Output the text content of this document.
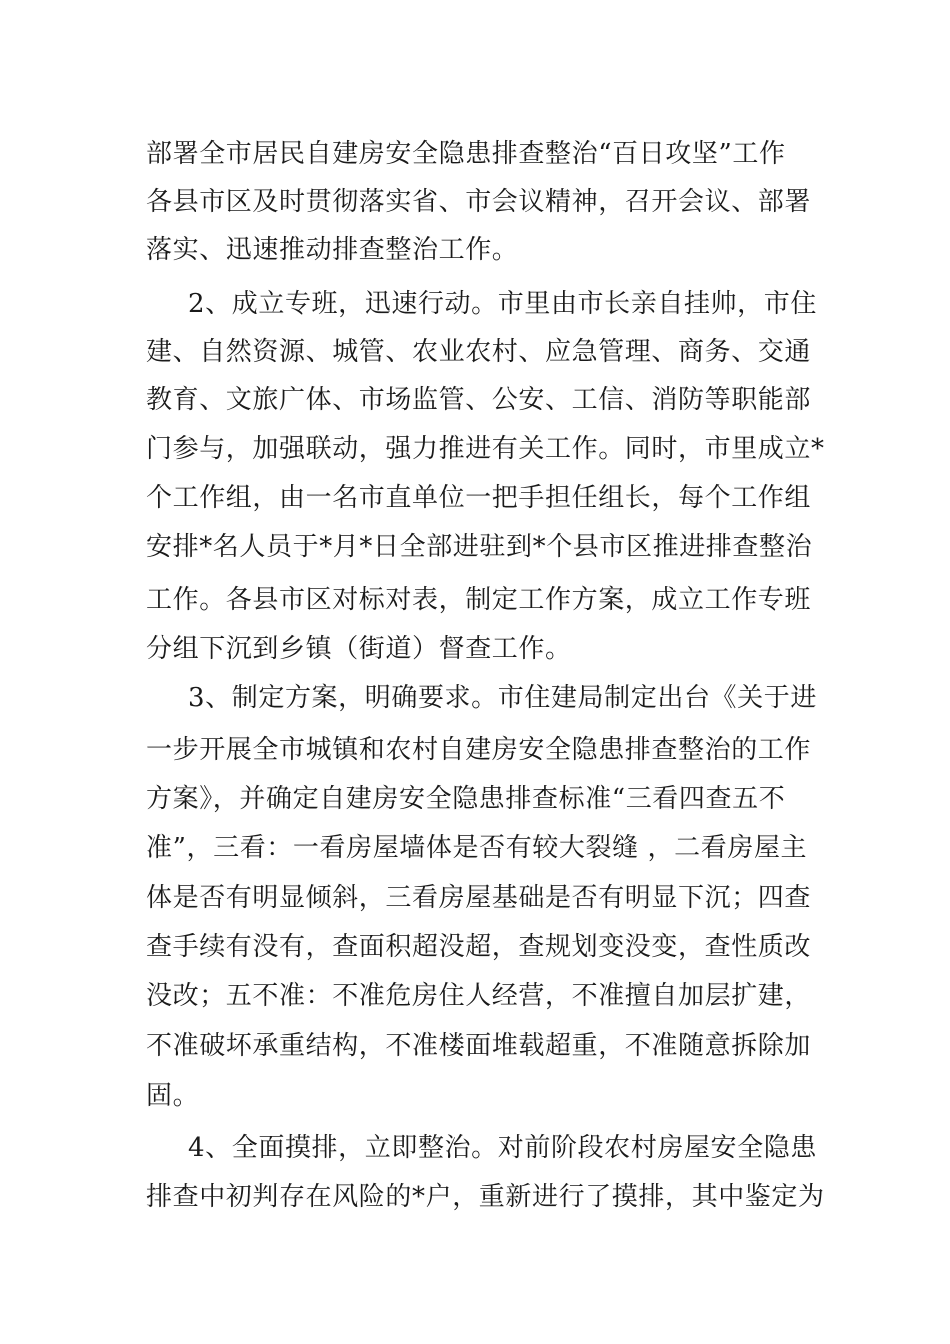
部署全市居民自建房安全隐患排查整治“百日攻坚”工作
各县市区及时贯彻落实省、市会议精神，召开会议、部署
落实、迅速推动排查整治工作。
2、成立专班，迅速行动。市里由市长亲自挂帅，市住
建、自然资源、城管、农业农村、应急管理、商务、交通
教育、文旅广体、市场监管、公安、工信、消防等职能部
门参与，加强联动，强力推进有关工作。同时，市里成立*
个工作组，由一名市直单位一把手担任组长，每个工作组
安排*名人员于*月*日全部进驻到*个县市区推进排查整治
工作。各县市区对标对表，制定工作方案，成立工作专班
分组下沉到乡镇（街道）督查工作。
3、制定方案，明确要求。市住建局制定出台《关于进
一步开展全市城镇和农村自建房安全隐患排查整治的工作
方案》，并确定自建房安全隐患排查标准“三看四查五不
准”，三看：一看房屋墙体是否有较大裂缝 ，二看房屋主
体是否有明显倾斜，三看房屋基础是否有明显下沉；四查
查手续有没有，查面积超没超，查规划变没变，查性质改
没改；五不准：不准危房住人经营，不准擅自加层扩建，
不准破坏承重结构，不准楼面堆载超重，不准随意拆除加
固。
4、全面摸排，立即整治。对前阶段农村房屋安全隐患
排查中初判存在风险的*户，重新进行了摸排，其中鉴定为
